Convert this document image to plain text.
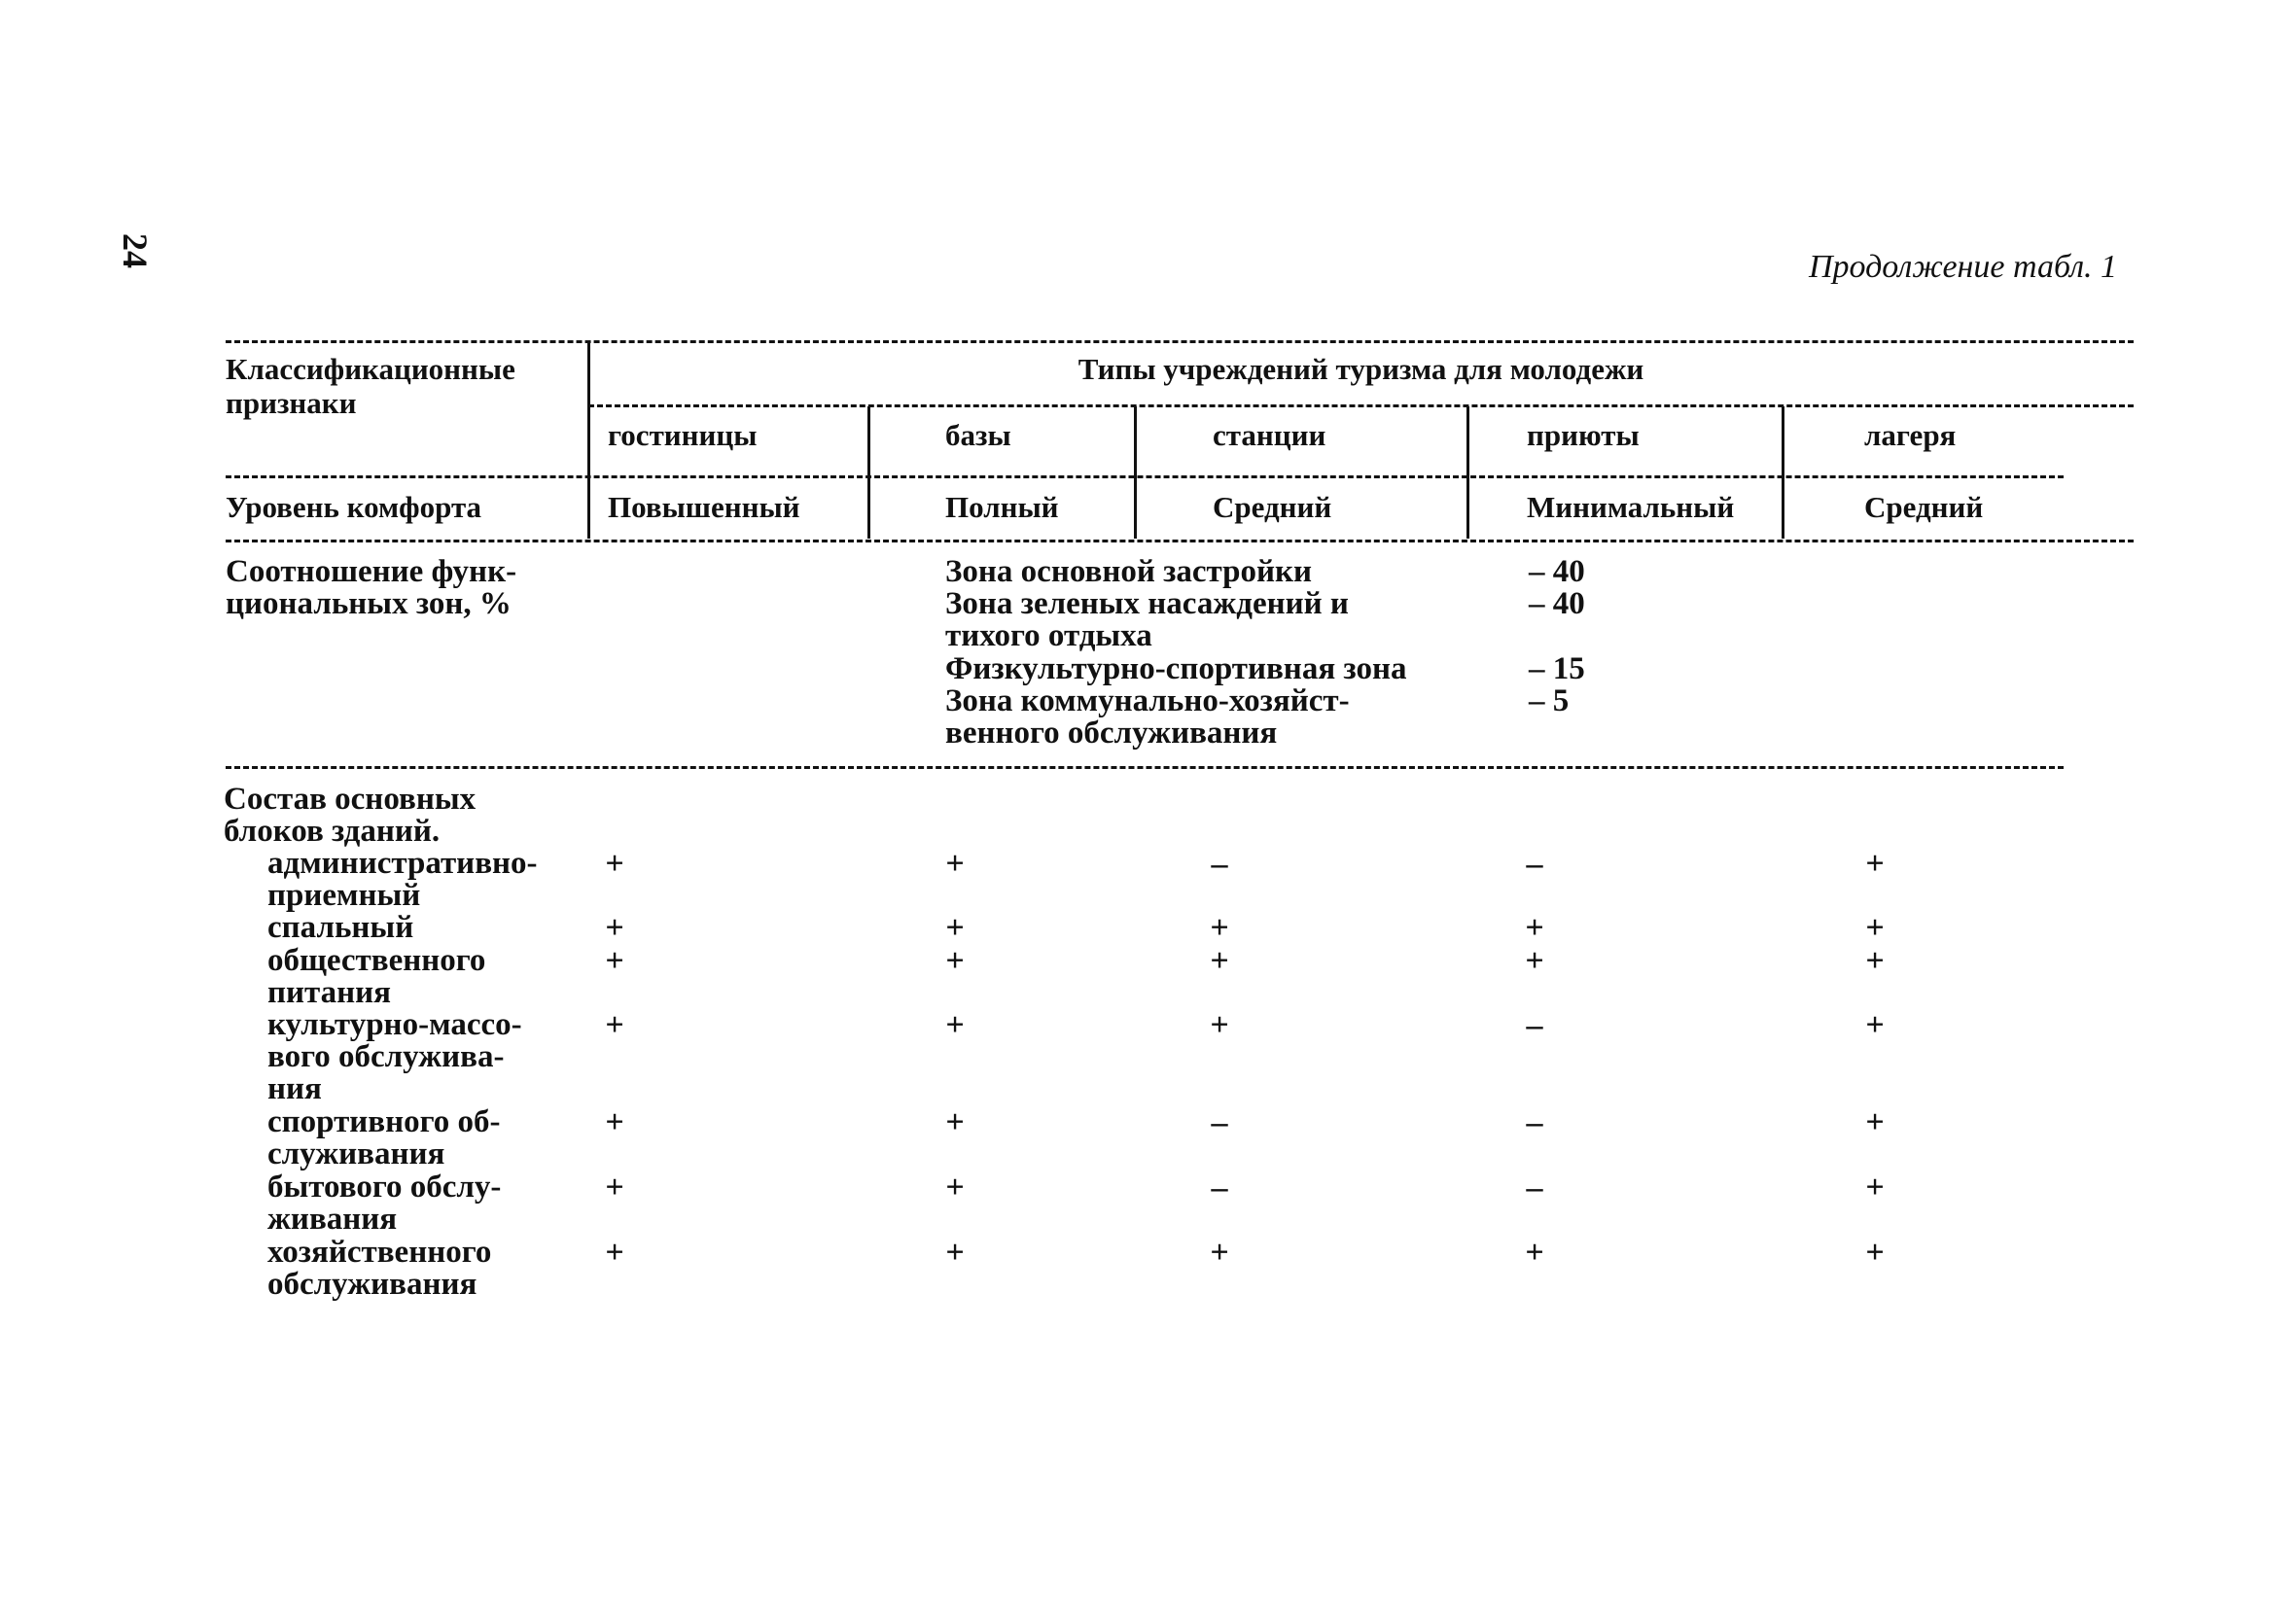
24	Продолжение табл. 1
Классификационные
признаки
Типы учреждений туризма для молодежи
гостиницы	базы	станции	приюты	лагеря
Уровень комфорта	Повышенный	Полный	Средний	Минимальный	Средний
Соотношение функ-
циональных зон, %
Зона основной застройки	– 40
Зона зеленых насаждений и
тихого отдыха
– 40
Физкультурно-спортивная зона	– 15
Зона коммунально-хозяйст-
венного обслуживания
– 5
Состав основных
блоков зданий.
административно-
приемный
+	+	–	–	+
спальный	+	+	+	+	+
общественного
питания
+	+	+	+	+
культурно-массо-
вого обслужива-
ния
+	+	+	–	+
спортивного об-
служивания
+	+	–	–	+
бытового обслу-
живания
+	+	–	–	+
хозяйственного
обслуживания
+	+	+	+	+
